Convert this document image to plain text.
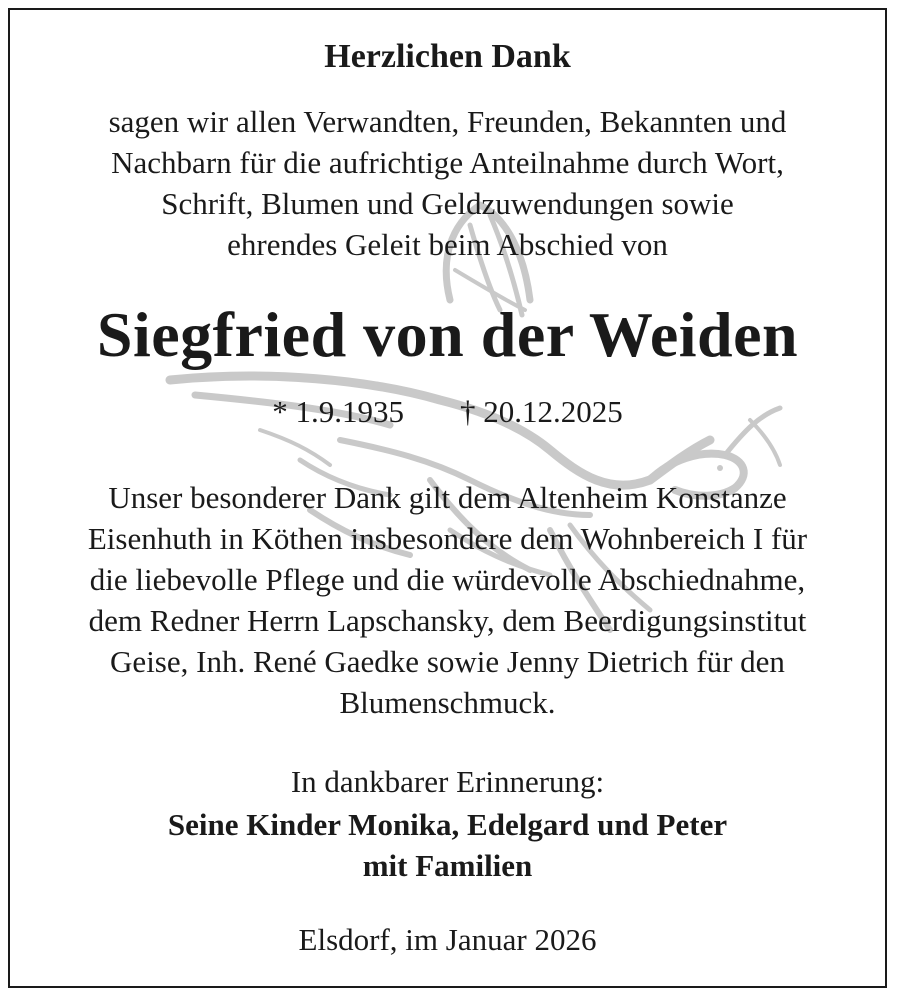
Herzlichen Dank
sagen wir allen Verwandten, Freunden, Bekannten und
Nachbarn für die aufrichtige Anteilnahme durch Wort,
Schrift, Blumen und Geldzuwendungen sowie
ehrendes Geleit beim Abschied von
Siegfried von der Weiden
* 1.9.1935 † 20.12.2025
Unser besonderer Dank gilt dem Altenheim Konstanze
Eisenhuth in Köthen insbesondere dem Wohnbereich I für
die liebevolle Pflege und die würdevolle Abschiednahme,
dem Redner Herrn Lapschansky, dem Beerdigungsinstitut
Geise, Inh. René Gaedke sowie Jenny Dietrich für den
Blumenschmuck.
In dankbarer Erinnerung:
Seine Kinder Monika, Edelgard und Peter
mit Familien
Elsdorf, im Januar 2026
